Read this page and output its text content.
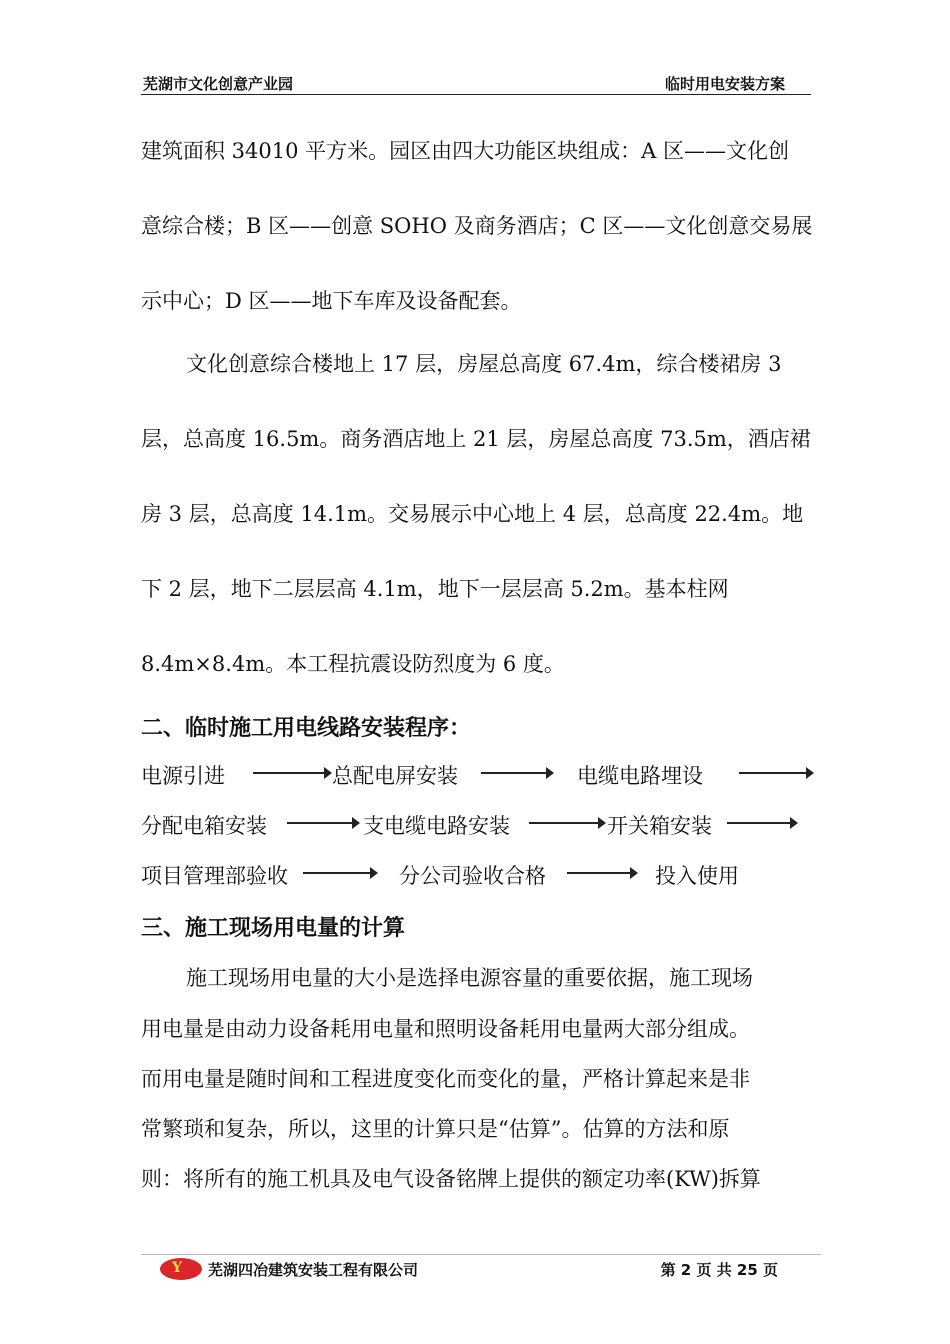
芜湖市文化创意产业园	临时用电安装方案
建筑面积 34010 平方米。园区由四大功能区块组成：A 区——文化创
意综合楼；B 区——创意 SOHO 及商务酒店；C 区——文化创意交易展
示中心；D 区——地下车库及设备配套。
文化创意综合楼地上 17 层，房屋总高度 67.4m，综合楼裙房 3
层，总高度 16.5m。商务酒店地上 21 层，房屋总高度 73.5m，酒店裙
房 3 层，总高度 14.1m。交易展示中心地上 4 层，总高度 22.4m。地
下 2 层，地下二层层高 4.1m，地下一层层高 5.2m。基本柱网
8.4m×8.4m。本工程抗震设防烈度为 6 度。
二、临时施工用电线路安装程序：
电源引进	总配电屏安装	电缆电路埋设
分配电箱安装	支电缆电路安装	开关箱安装
项目管理部验收	分公司验收合格	投入使用
三、施工现场用电量的计算
施工现场用电量的大小是选择电源容量的重要依据，施工现场
用电量是由动力设备耗用电量和照明设备耗用电量两大部分组成。
而用电量是随时间和工程进度变化而变化的量，严格计算起来是非
常繁琐和复杂，所以，这里的计算只是“估算”。估算的方法和原
则：将所有的施工机具及电气设备铭牌上提供的额定功率(KW)拆算
Y 芜湖四冶建筑安装工程有限公司	第 2 页 共 25 页
